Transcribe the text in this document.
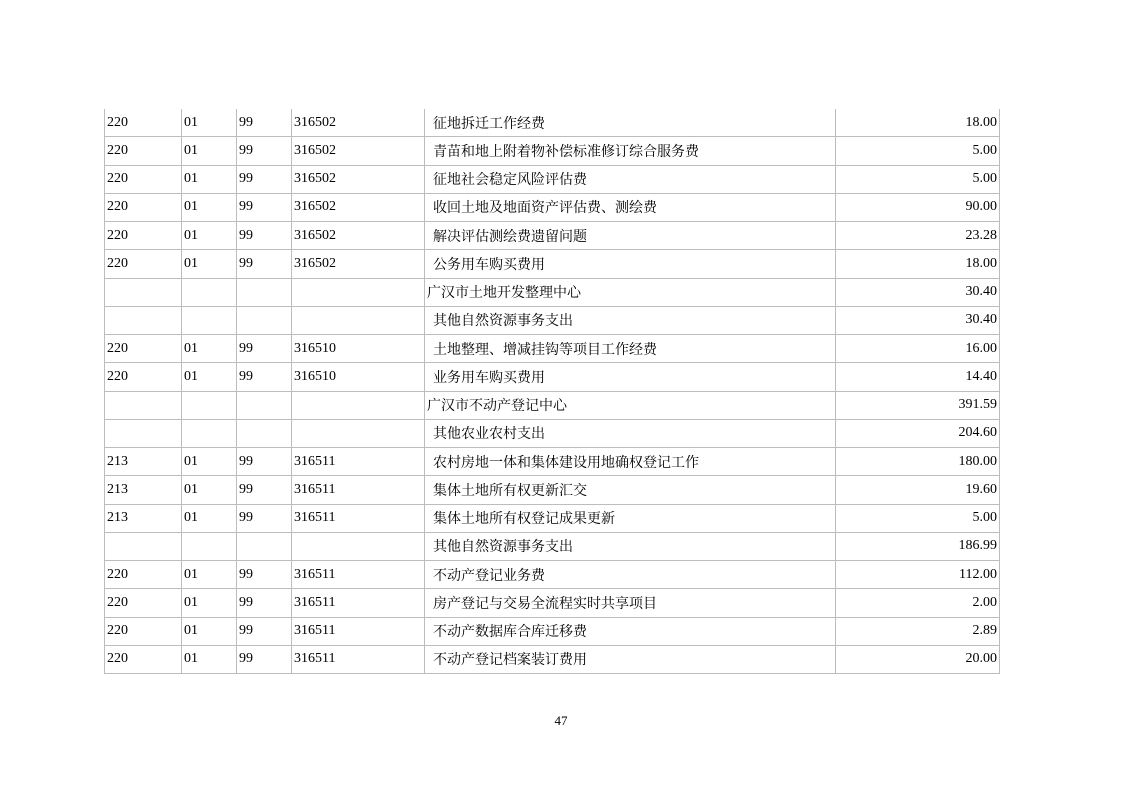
220	01	99	316502	征地拆迁工作经费	18.00
220	01	99	316502	青苗和地上附着物补偿标准修订综合服务费	5.00
220	01	99	316502	征地社会稳定风险评估费	5.00
220	01	99	316502	收回土地及地面资产评估费、测绘费	90.00
220	01	99	316502	解决评估测绘费遗留问题	23.28
220	01	99	316502	公务用车购买费用	18.00
				广汉市土地开发整理中心	30.40
				其他自然资源事务支出	30.40
220	01	99	316510	土地整理、增减挂钩等项目工作经费	16.00
220	01	99	316510	业务用车购买费用	14.40
				广汉市不动产登记中心	391.59
				其他农业农村支出	204.60
213	01	99	316511	农村房地一体和集体建设用地确权登记工作	180.00
213	01	99	316511	集体土地所有权更新汇交	19.60
213	01	99	316511	集体土地所有权登记成果更新	5.00
				其他自然资源事务支出	186.99
220	01	99	316511	不动产登记业务费	112.00
220	01	99	316511	房产登记与交易全流程实时共享项目	2.00
220	01	99	316511	不动产数据库合库迁移费	2.89
220	01	99	316511	不动产登记档案装订费用	20.00
47
